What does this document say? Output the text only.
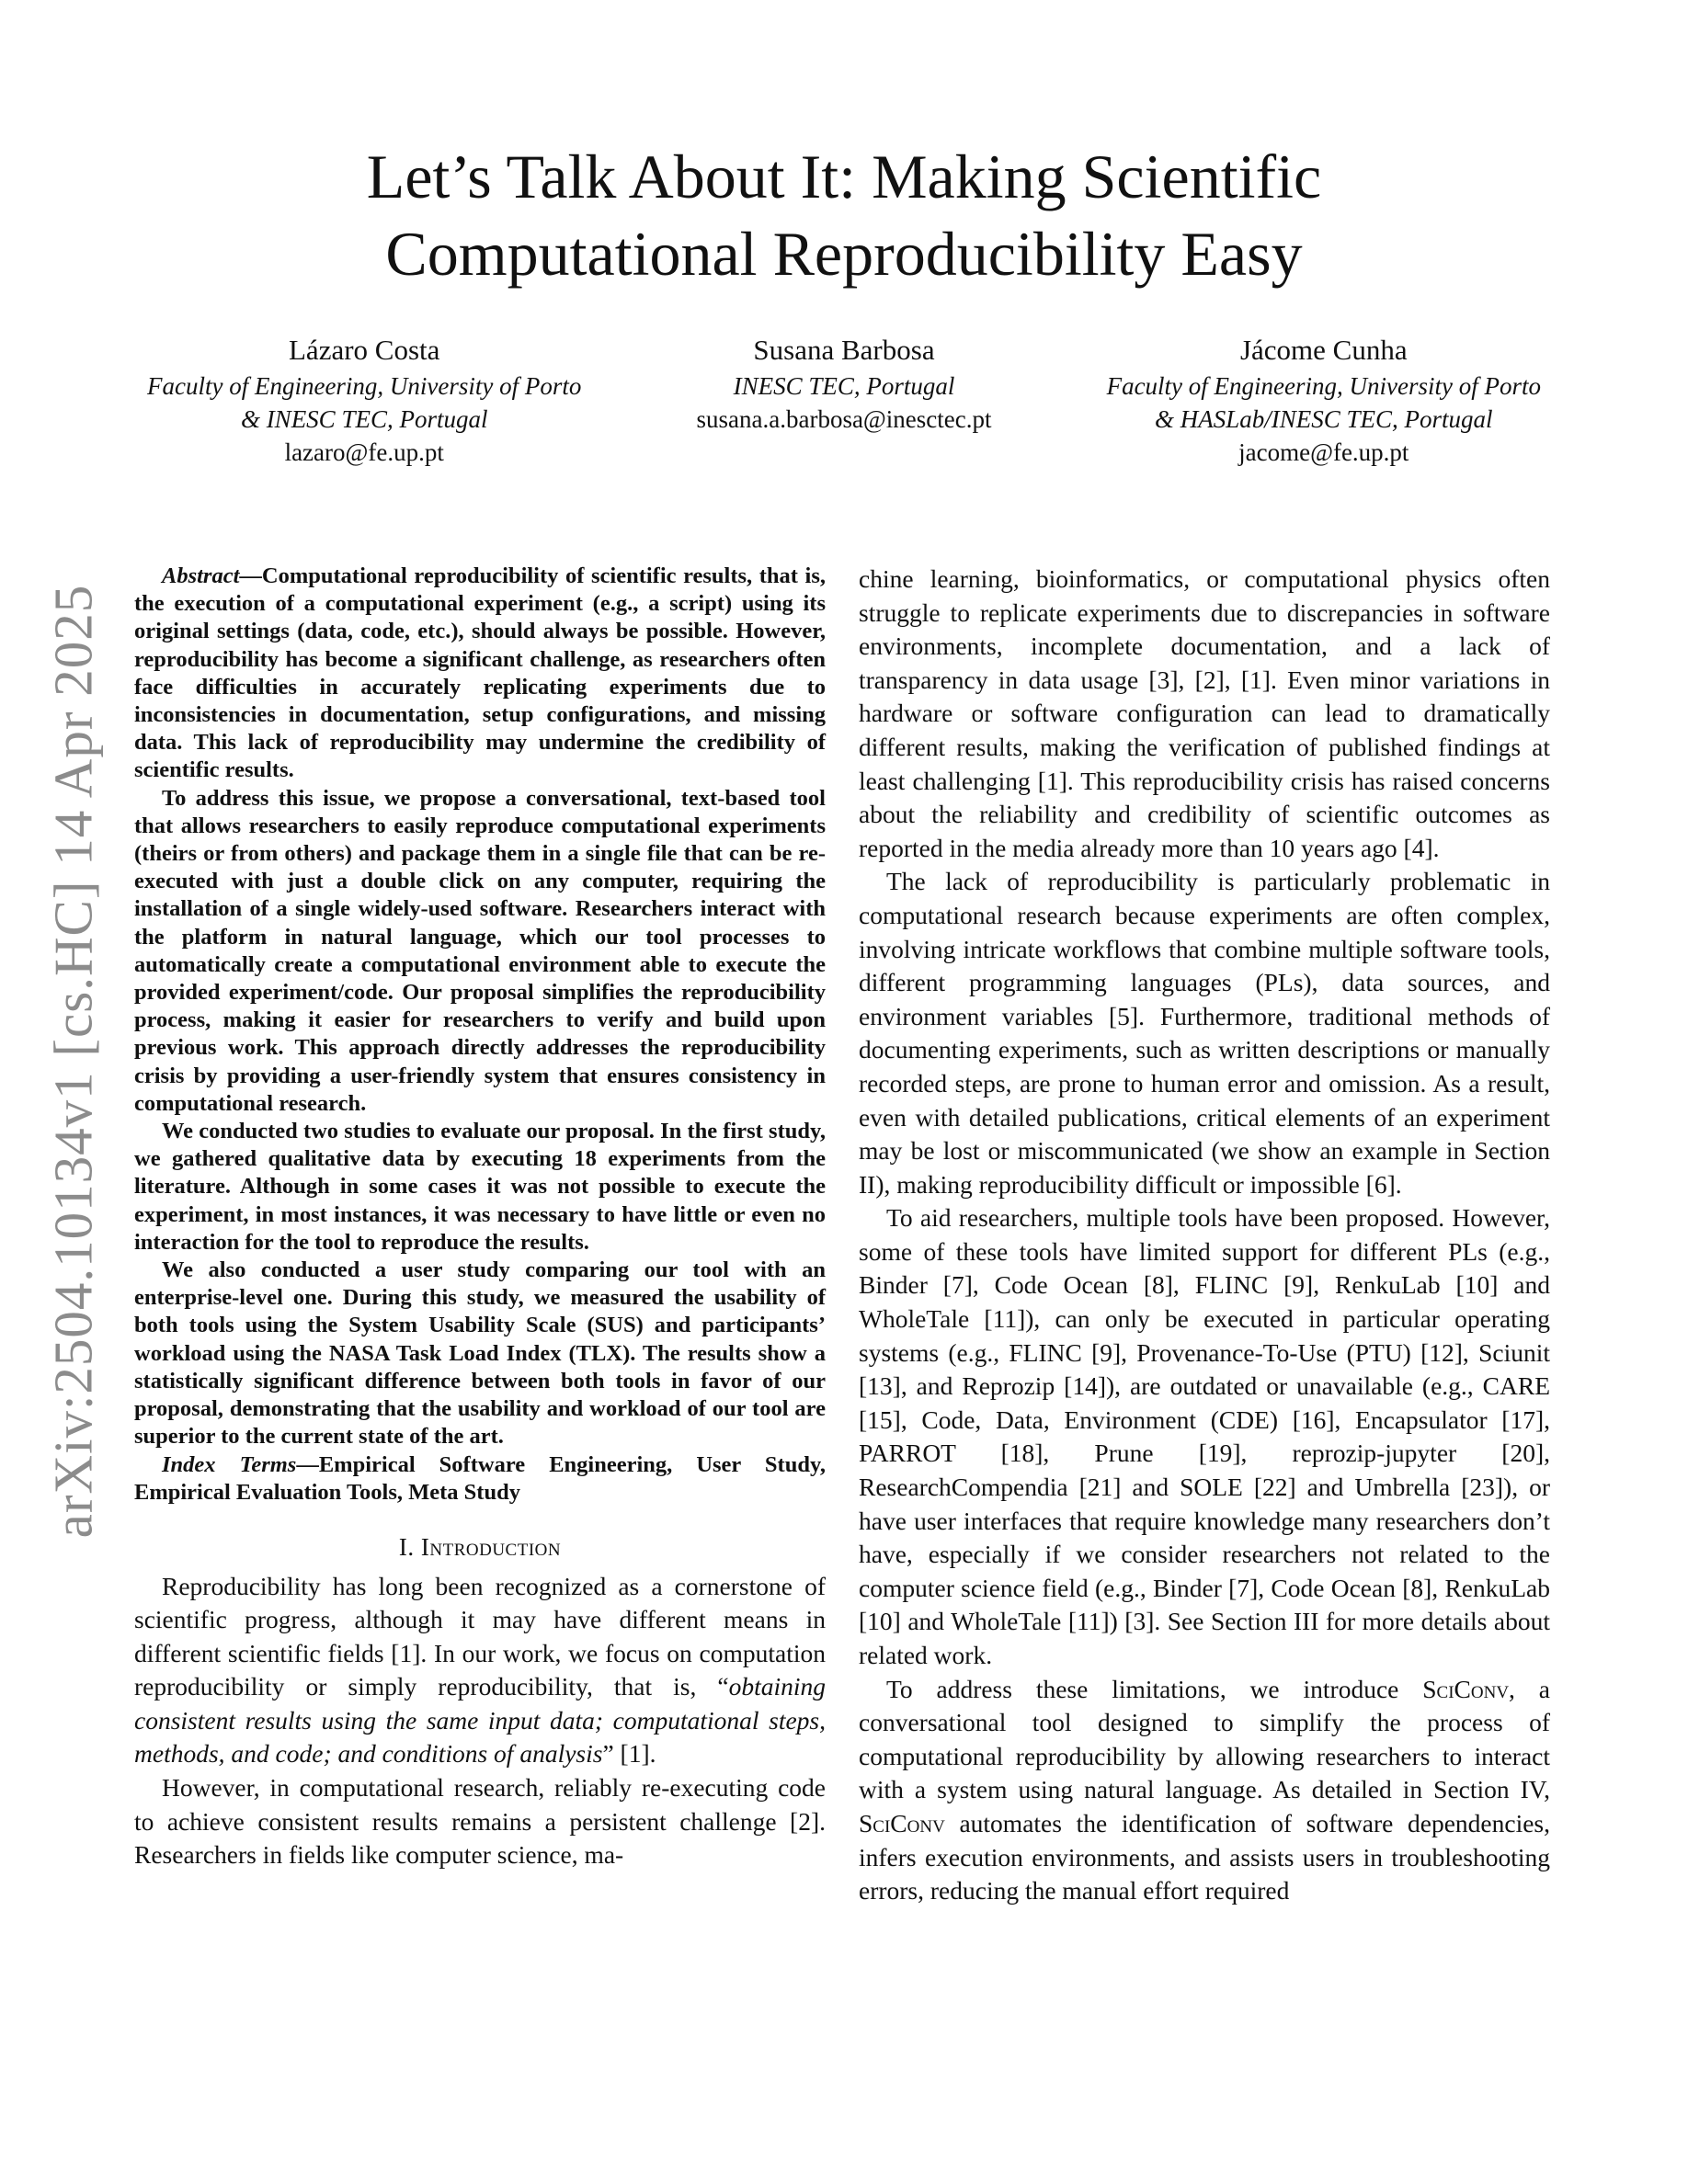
arXiv:2504.10134v1 [cs.HC] 14 Apr 2025
Let’s Talk About It: Making Scientific
Computational Reproducibility Easy
Lázaro Costa
Faculty of Engineering, University of Porto
& INESC TEC, Portugal
lazaro@fe.up.pt
Susana Barbosa
INESC TEC, Portugal
susana.a.barbosa@inesctec.pt
Jácome Cunha
Faculty of Engineering, University of Porto
& HASLab/INESC TEC, Portugal
jacome@fe.up.pt

Abstract—Computational reproducibility of scientific results, that is, the execution of a computational experiment (e.g., a script) using its original settings (data, code, etc.), should always be possible. However, reproducibility has become a significant challenge, as researchers often face difficulties in accurately replicating experiments due to inconsistencies in documentation, setup configurations, and missing data. This lack of reproducibility may undermine the credibility of scientific results.

To address this issue, we propose a conversational, text-based tool that allows researchers to easily reproduce computational experiments (theirs or from others) and package them in a single file that can be re-executed with just a double click on any computer, requiring the installation of a single widely-used software. Researchers interact with the platform in natural language, which our tool processes to automatically create a computational environment able to execute the provided experiment/code. Our proposal simplifies the reproducibility process, making it easier for researchers to verify and build upon previous work. This approach directly addresses the reproducibility crisis by providing a user-friendly system that ensures consistency in computational research.

We conducted two studies to evaluate our proposal. In the first study, we gathered qualitative data by executing 18 experiments from the literature. Although in some cases it was not possible to execute the experiment, in most instances, it was necessary to have little or even no interaction for the tool to reproduce the results.

We also conducted a user study comparing our tool with an enterprise-level one. During this study, we measured the usability of both tools using the System Usability Scale (SUS) and participants’ workload using the NASA Task Load Index (TLX). The results show a statistically significant difference between both tools in favor of our proposal, demonstrating that the usability and workload of our tool are superior to the current state of the art.

Index Terms—Empirical Software Engineering, User Study, Empirical Evaluation Tools, Meta Study

I. Introduction

Reproducibility has long been recognized as a cornerstone of scientific progress, although it may have different means in different scientific fields [1]. In our work, we focus on computation reproducibility or simply reproducibility, that is, “obtaining consistent results using the same input data; computational steps, methods, and code; and conditions of analysis” [1].

However, in computational research, reliably re-executing code to achieve consistent results remains a persistent challenge [2]. Researchers in fields like computer science, ma-

chine learning, bioinformatics, or computational physics often struggle to replicate experiments due to discrepancies in software environments, incomplete documentation, and a lack of transparency in data usage [3], [2], [1]. Even minor variations in hardware or software configuration can lead to dramatically different results, making the verification of published findings at least challenging [1]. This reproducibility crisis has raised concerns about the reliability and credibility of scientific outcomes as reported in the media already more than 10 years ago [4].

The lack of reproducibility is particularly problematic in computational research because experiments are often complex, involving intricate workflows that combine multiple software tools, different programming languages (PLs), data sources, and environment variables [5]. Furthermore, traditional methods of documenting experiments, such as written descriptions or manually recorded steps, are prone to human error and omission. As a result, even with detailed publications, critical elements of an experiment may be lost or miscommunicated (we show an example in Section II), making reproducibility difficult or impossible [6].

To aid researchers, multiple tools have been proposed. However, some of these tools have limited support for different PLs (e.g., Binder [7], Code Ocean [8], FLINC [9], RenkuLab [10] and WholeTale [11]), can only be executed in particular operating systems (e.g., FLINC [9], Provenance-To-Use (PTU) [12], Sciunit [13], and Reprozip [14]), are outdated or unavailable (e.g., CARE [15], Code, Data, Environment (CDE) [16], Encapsulator [17], PARROT [18], Prune [19], reprozip-jupyter [20], ResearchCompendia [21] and SOLE [22] and Umbrella [23]), or have user interfaces that require knowledge many researchers don’t have, especially if we consider researchers not related to the computer science field (e.g., Binder [7], Code Ocean [8], RenkuLab [10] and WholeTale [11]) [3]. See Section III for more details about related work.

To address these limitations, we introduce SciConv, a conversational tool designed to simplify the process of computational reproducibility by allowing researchers to interact with a system using natural language. As detailed in Section IV, SciConv automates the identification of software dependencies, infers execution environments, and assists users in troubleshooting errors, reducing the manual effort required
